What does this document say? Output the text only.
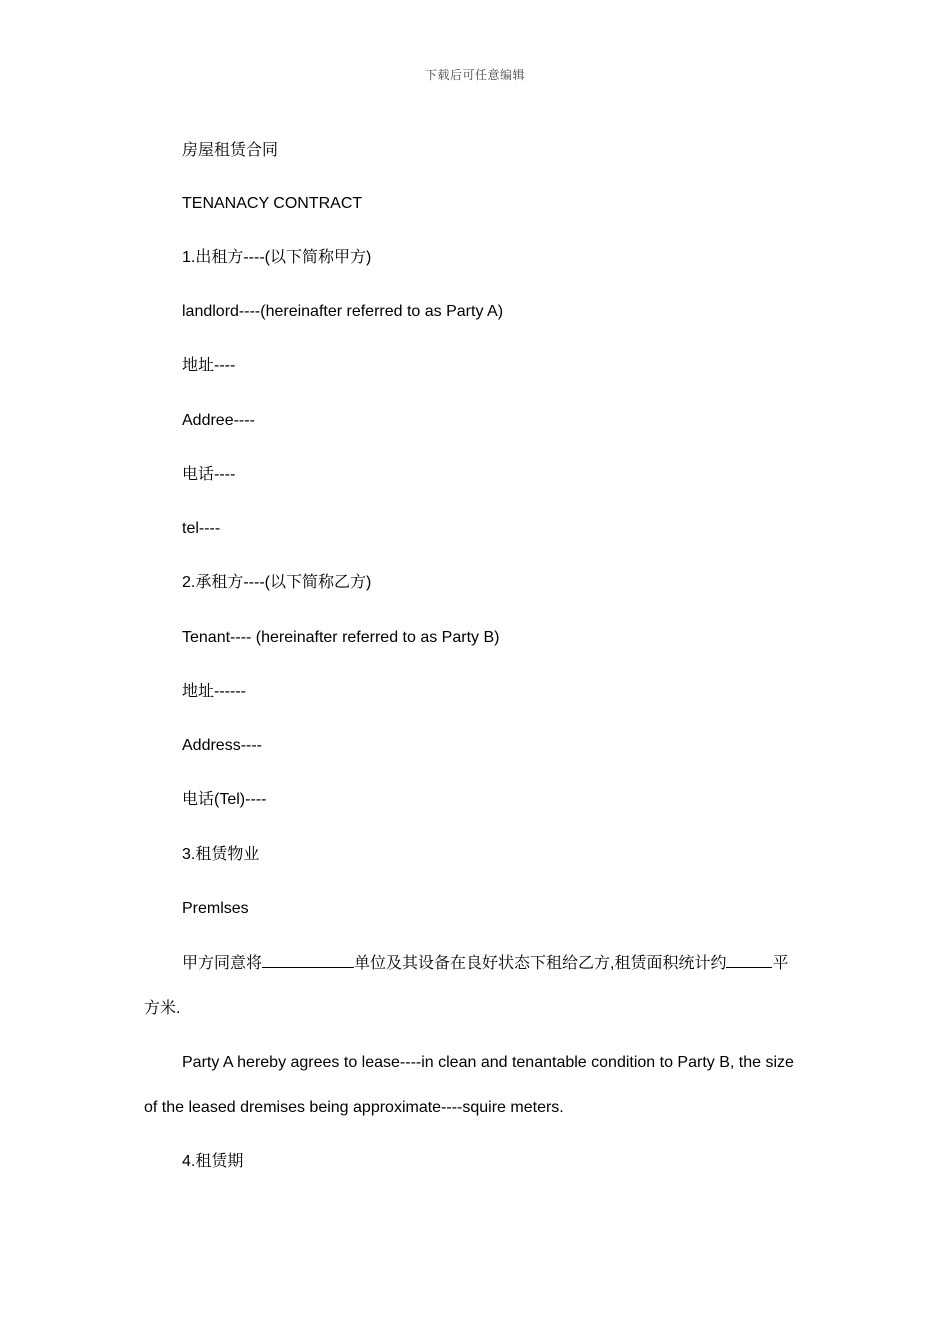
下载后可任意编辑
房屋租赁合同
TENANACY CONTRACT
1.出租方----(以下简称甲方)
landlord----(hereinafter referred to as Party A)
地址----
Addree----
电话----
tel----
2.承租方----(以下简称乙方)
Tenant---- (hereinafter referred to as Party B)
地址------
Address----
电话(Tel)----
3.租赁物业
Premlses
甲方同意将	单位及其设备在良好状态下租给乙方,租赁面积统计约	平方米.
Party A hereby agrees to lease----in clean and tenantable condition to Party B, the size of the leased dremises being approximate----squire meters.
4.租赁期
